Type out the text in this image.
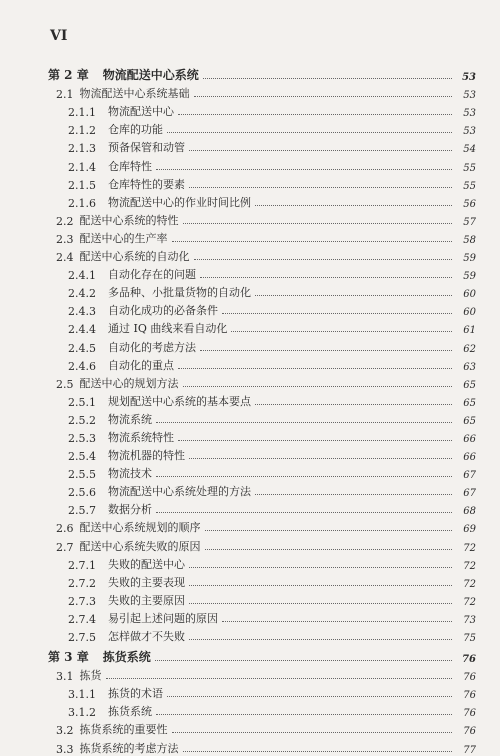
VI
第 2 章 物流配送中心系统	53
2.1 物流配送中心系统基础	53
2.1.1	物流配送中心	53
2.1.2	仓库的功能	53
2.1.3	预备保管和动管	54
2.1.4	仓库特性	55
2.1.5	仓库特性的要素	55
2.1.6	物流配送中心的作业时间比例	56
2.2 配送中心系统的特性	57
2.3 配送中心的生产率	58
2.4 配送中心系统的自动化	59
2.4.1	自动化存在的问题	59
2.4.2	多品种、小批量货物的自动化	60
2.4.3	自动化成功的必备条件	60
2.4.4	通过 IQ 曲线来看自动化	61
2.4.5	自动化的考虑方法	62
2.4.6	自动化的重点	63
2.5 配送中心的规划方法	65
2.5.1	规划配送中心系统的基本要点	65
2.5.2	物流系统	65
2.5.3	物流系统特性	66
2.5.4	物流机器的特性	66
2.5.5	物流技术	67
2.5.6	物流配送中心系统处理的方法	67
2.5.7	数据分析	68
2.6 配送中心系统规划的顺序	69
2.7 配送中心系统失败的原因	72
2.7.1	失败的配送中心	72
2.7.2	失败的主要表现	72
2.7.3	失败的主要原因	72
2.7.4	易引起上述问题的原因	73
2.7.5	怎样做才不失败	75
第 3 章 拣货系统	76
3.1 拣货	76
3.1.1	拣货的术语	76
3.1.2	拣货系统	76
3.2 拣货系统的重要性	76
3.3 拣货系统的考虑方法	77
